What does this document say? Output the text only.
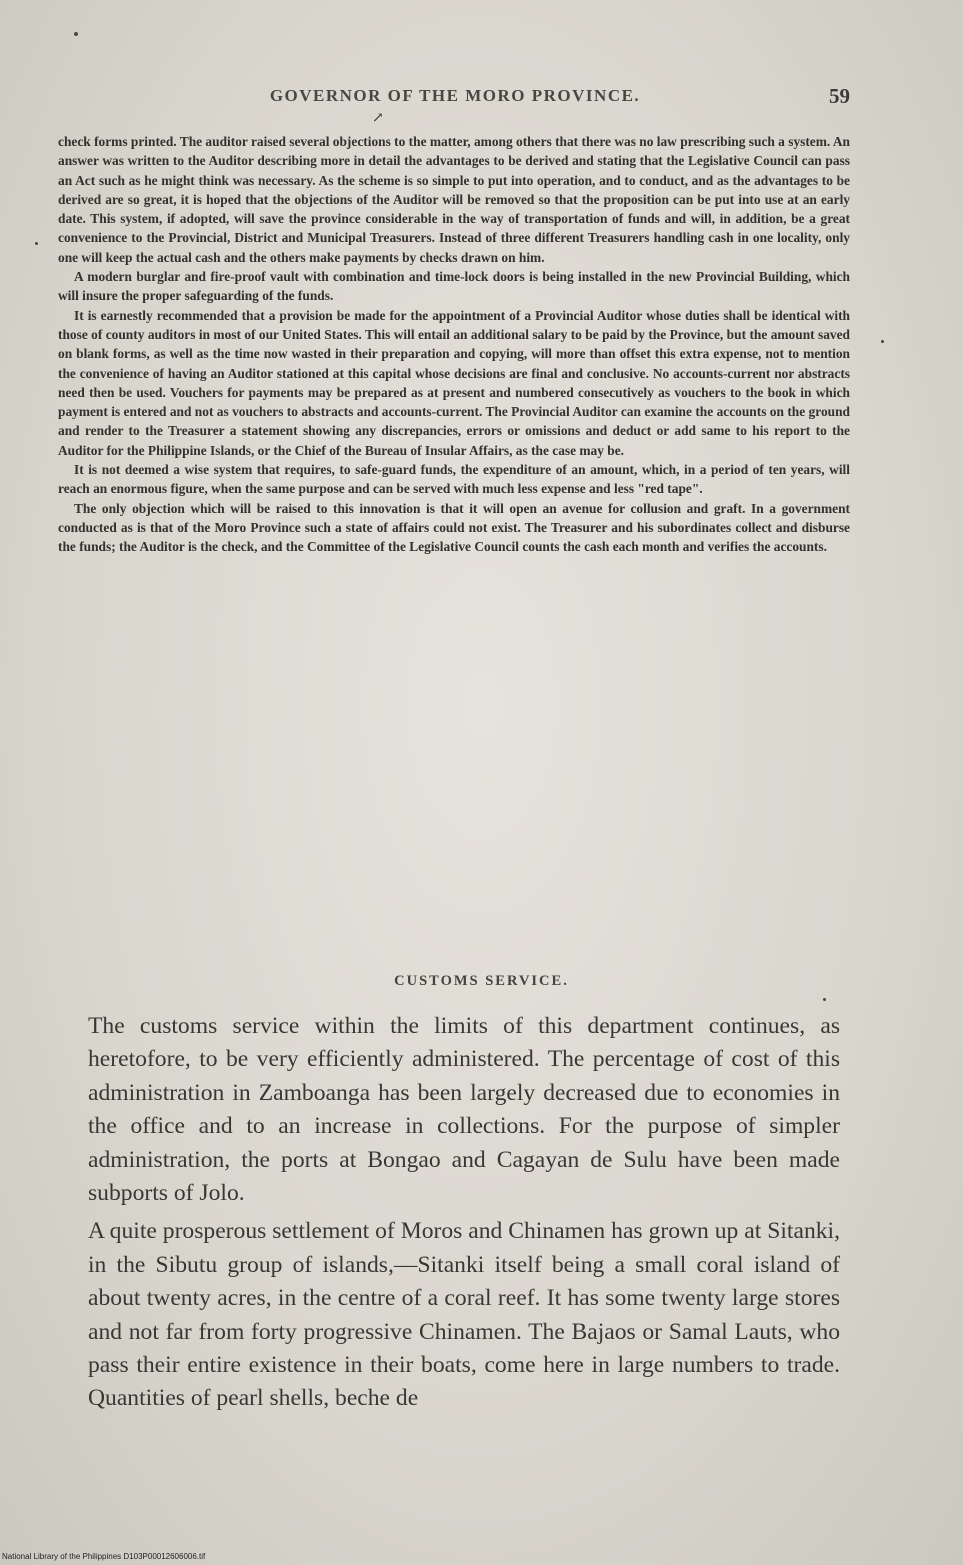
GOVERNOR OF THE MORO PROVINCE.	59
↗

check forms printed. The auditor raised several objections to the matter, among others that there was no law prescribing such a system. An answer was written to the Auditor describing more in detail the advantages to be derived and stating that the Legislative Council can pass an Act such as he might think was necessary. As the scheme is so simple to put into operation, and to conduct, and as the advantages to be derived are so great, it is hoped that the objections of the Auditor will be removed so that the proposition can be put into use at an early date. This system, if adopted, will save the province considerable in the way of transportation of funds and will, in addition, be a great convenience to the Provincial, District and Municipal Treasurers. Instead of three different Treasurers handling cash in one locality, only one will keep the actual cash and the others make payments by checks drawn on him.

A modern burglar and fire-proof vault with combination and time-lock doors is being installed in the new Provincial Building, which will insure the proper safeguarding of the funds.

It is earnestly recommended that a provision be made for the appointment of a Provincial Auditor whose duties shall be identical with those of county auditors in most of our United States. This will entail an additional salary to be paid by the Province, but the amount saved on blank forms, as well as the time now wasted in their preparation and copying, will more than offset this extra expense, not to mention the convenience of having an Auditor stationed at this capital whose decisions are final and conclusive. No accounts-current nor abstracts need then be used. Vouchers for payments may be prepared as at present and numbered consecutively as vouchers to the book in which payment is entered and not as vouchers to abstracts and accounts-current. The Provincial Auditor can examine the accounts on the ground and render to the Treasurer a statement showing any discrepancies, errors or omissions and deduct or add same to his report to the Auditor for the Philippine Islands, or the Chief of the Bureau of Insular Affairs, as the case may be.

It is not deemed a wise system that requires, to safe-guard funds, the expenditure of an amount, which, in a period of ten years, will reach an enormous figure, when the same purpose and can be served with much less expense and less "red tape".

The only objection which will be raised to this innovation is that it will open an avenue for collusion and graft. In a government conducted as is that of the Moro Province such a state of affairs could not exist. The Treasurer and his subordinates collect and disburse the funds; the Auditor is the check, and the Committee of the Legislative Council counts the cash each month and verifies the accounts.

CUSTOMS SERVICE.

The customs service within the limits of this department continues, as heretofore, to be very efficiently administered. The percentage of cost of this administration in Zamboanga has been largely decreased due to economies in the office and to an increase in collections. For the purpose of simpler administration, the ports at Bongao and Cagayan de Sulu have been made subports of Jolo.

A quite prosperous settlement of Moros and Chinamen has grown up at Sitanki, in the Sibutu group of islands,—Sitanki itself being a small coral island of about twenty acres, in the centre of a coral reef. It has some twenty large stores and not far from forty progressive Chinamen. The Bajaos or Samal Lauts, who pass their entire existence in their boats, come here in large numbers to trade. Quantities of pearl shells, beche de

National Library of the Philippines D103P00012606006.tif
